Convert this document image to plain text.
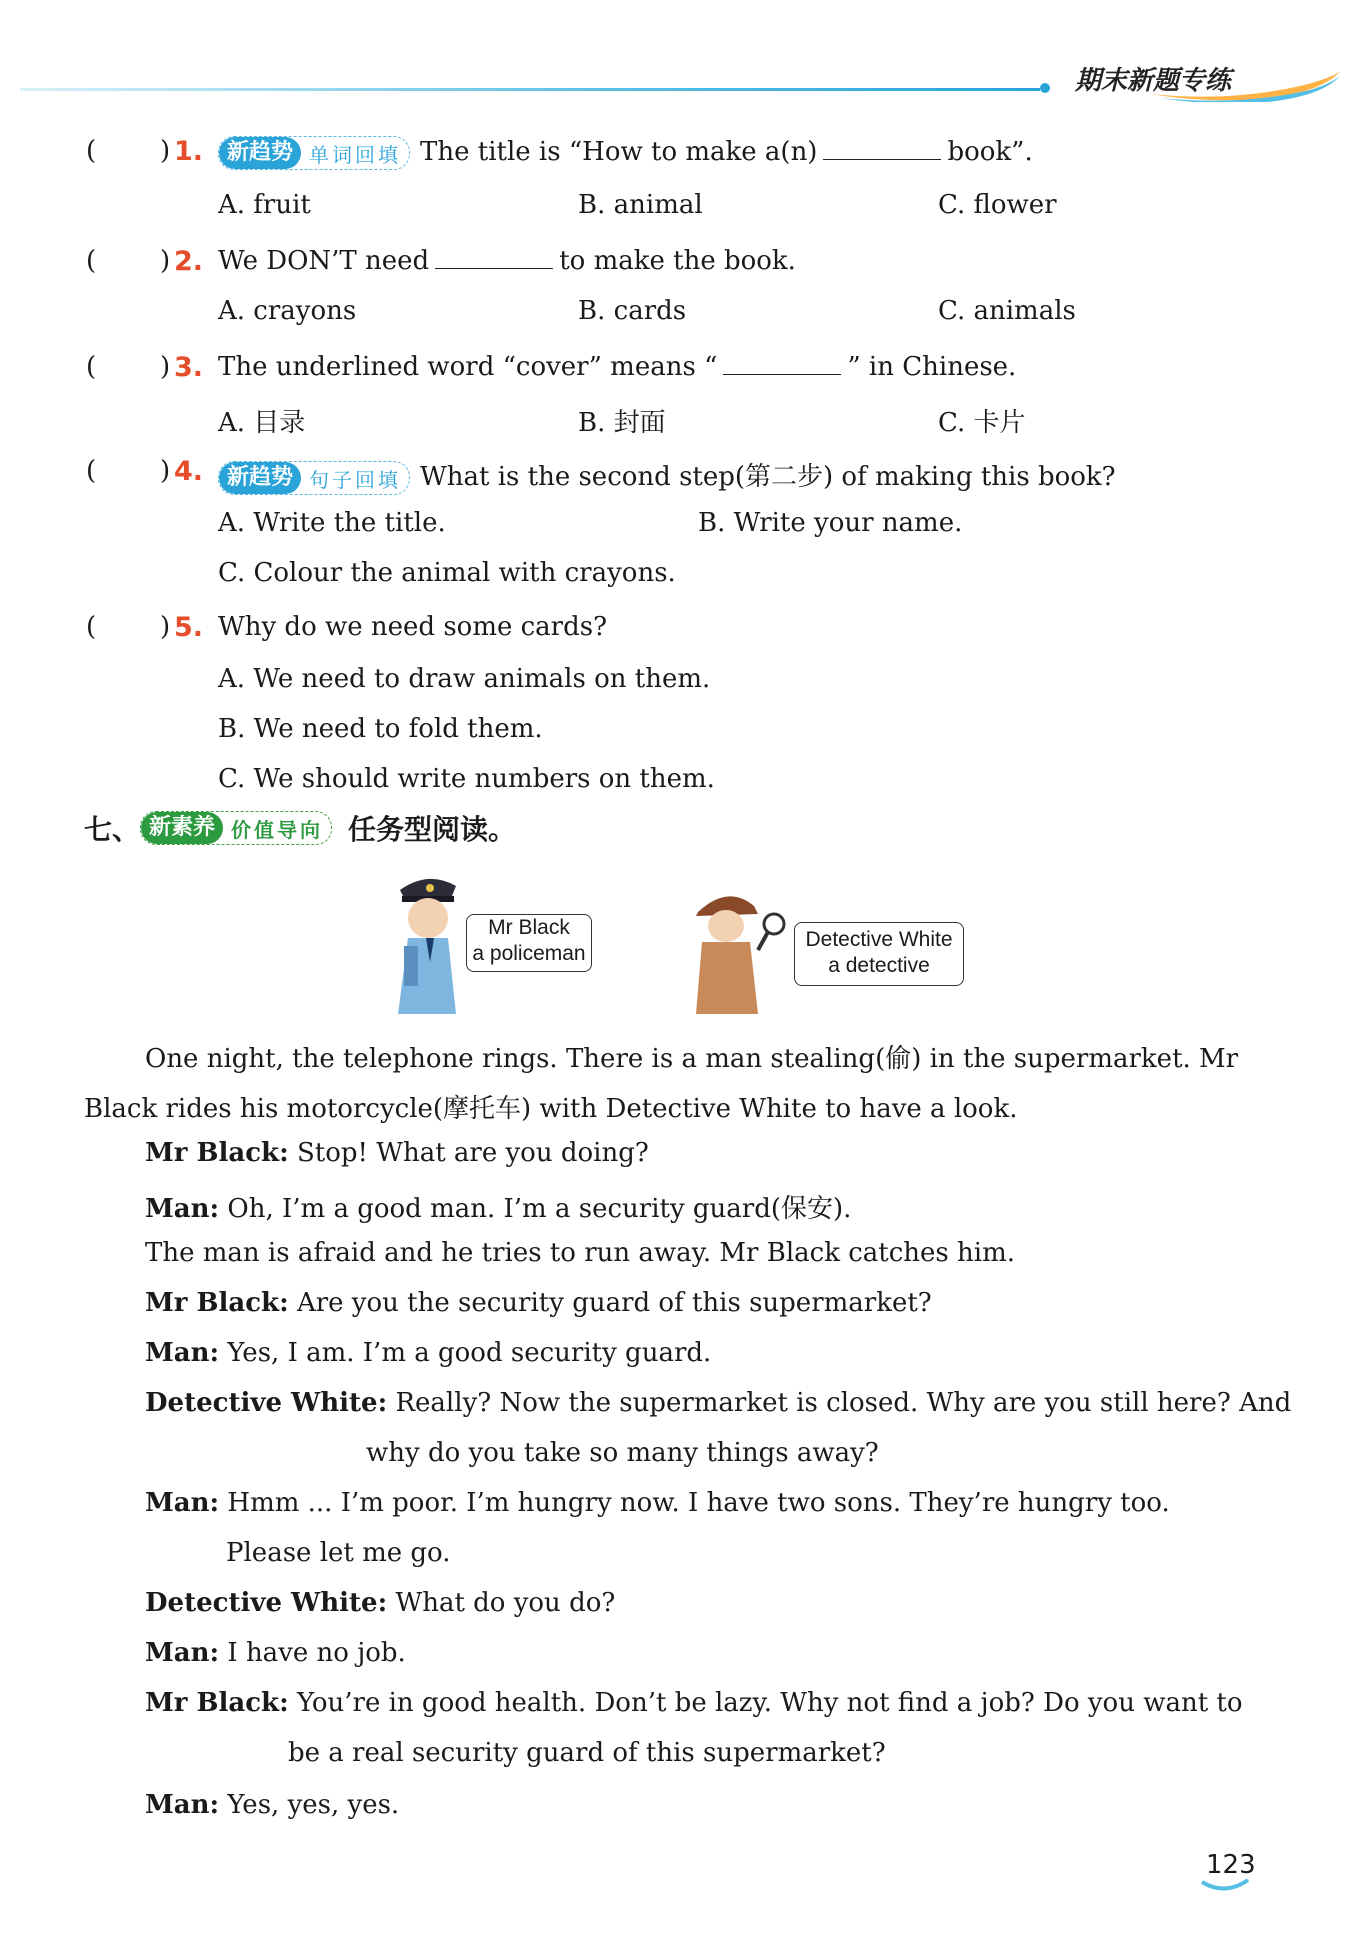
期末新题专练
( ) 1.	新趋势 单词回填 The title is “How to make a(n)	book”.
A. fruit	B. animal	C. flower
( ) 2. We DON’T need	to make the book.
A. crayons	B. cards	C. animals
( ) 3. The underlined word “cover” means “	” in Chinese.
A. 目录	B. 封面	C. 卡片
( ) 4.	新趋势 句子回填 What is the second step(第二步) of making this book?
A. Write the title.	B. Write your name.
C. Colour the animal with crayons.
( ) 5. Why do we need some cards?
A. We need to draw animals on them.
B. We need to fold them.
C. We should write numbers on them.
七、 新素养 价值导向 任务型阅读。
Mr Black
a policeman
Detective White
a detective
One night, the telephone rings. There is a man stealing(偷) in the supermarket. Mr
Black rides his motorcycle(摩托车) with Detective White to have a look.
Mr Black: Stop! What are you doing?
Man: Oh, I’m a good man. I’m a security guard(保安).
The man is afraid and he tries to run away. Mr Black catches him.
Mr Black: Are you the security guard of this supermarket?
Man: Yes, I am. I’m a good security guard.
Detective White: Really? Now the supermarket is closed. Why are you still here? And
why do you take so many things away?
Man: Hmm ... I’m poor. I’m hungry now. I have two sons. They’re hungry too.
Please let me go.
Detective White: What do you do?
Man: I have no job.
Mr Black: You’re in good health. Don’t be lazy. Why not find a job? Do you want to
be a real security guard of this supermarket?
Man: Yes, yes, yes.
123
